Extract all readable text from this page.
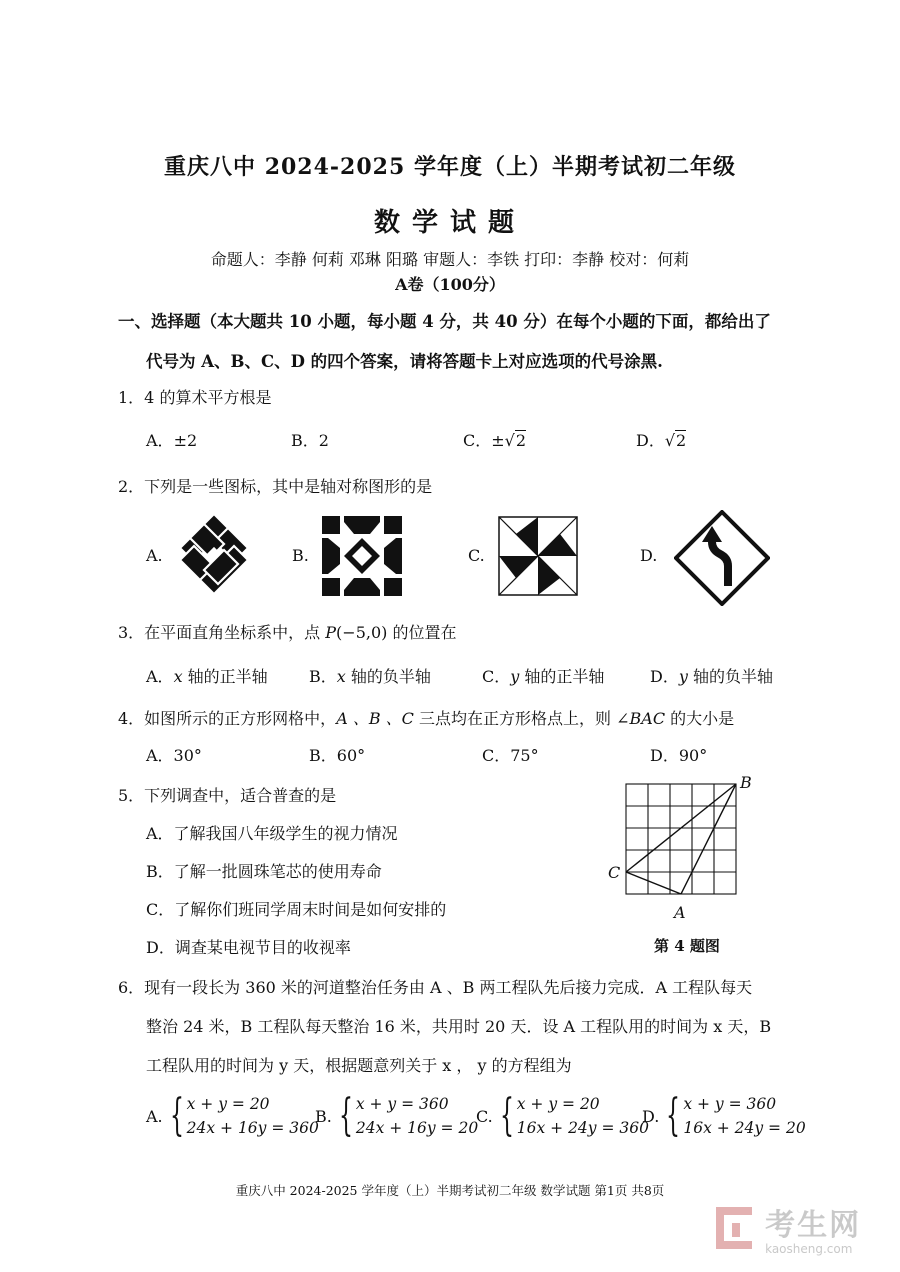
重庆八中 2024-2025 学年度（上）半期考试初二年级
数学试题
命题人：李静 何莉 邓琳 阳璐 审题人：李铁 打印：李静 校对：何莉
A卷（100分）
一、选择题（本大题共 10 小题，每小题 4 分，共 40 分）在每个小题的下面，都给出了
代号为 A、B、C、D 的四个答案，请将答题卡上对应选项的代号涂黑.
1．4 的算术平方根是
A．±2	B．2	C．±√2	D．√2
2．下列是一些图标，其中是轴对称图形的是
A.	B.	C.	D.
3．在平面直角坐标系中，点 P(−5,0) 的位置在
A．x 轴的正半轴	B．x 轴的负半轴	C．y 轴的正半轴	D．y 轴的负半轴
4．如图所示的正方形网格中，A 、B 、C 三点均在正方形格点上，则 ∠BAC 的大小是
A．30°	B．60°	C．75°	D．90°
5．下列调查中，适合普查的是
A．了解我国八年级学生的视力情况
B．了解一批圆珠笔芯的使用寿命
C．了解你们班同学周末时间是如何安排的
D．调查某电视节目的收视率
B
C
A
第 4 题图
6．现有一段长为 360 米的河道整治任务由 A 、B 两工程队先后接力完成．A 工程队每天
整治 24 米，B 工程队每天整治 16 米，共用时 20 天．设 A 工程队用的时间为 x 天，B
工程队用的时间为 y 天，根据题意列关于 x ， y 的方程组为
A. { x + y = 20
24x + 16y = 360
B. { x + y = 360
24x + 16y = 20
C. { x + y = 20
16x + 24y = 360
D. { x + y = 360
16x + 24y = 20
重庆八中 2024-2025 学年度（上）半期考试初二年级 数学试题 第1页 共8页

考生网
kaosheng.com
